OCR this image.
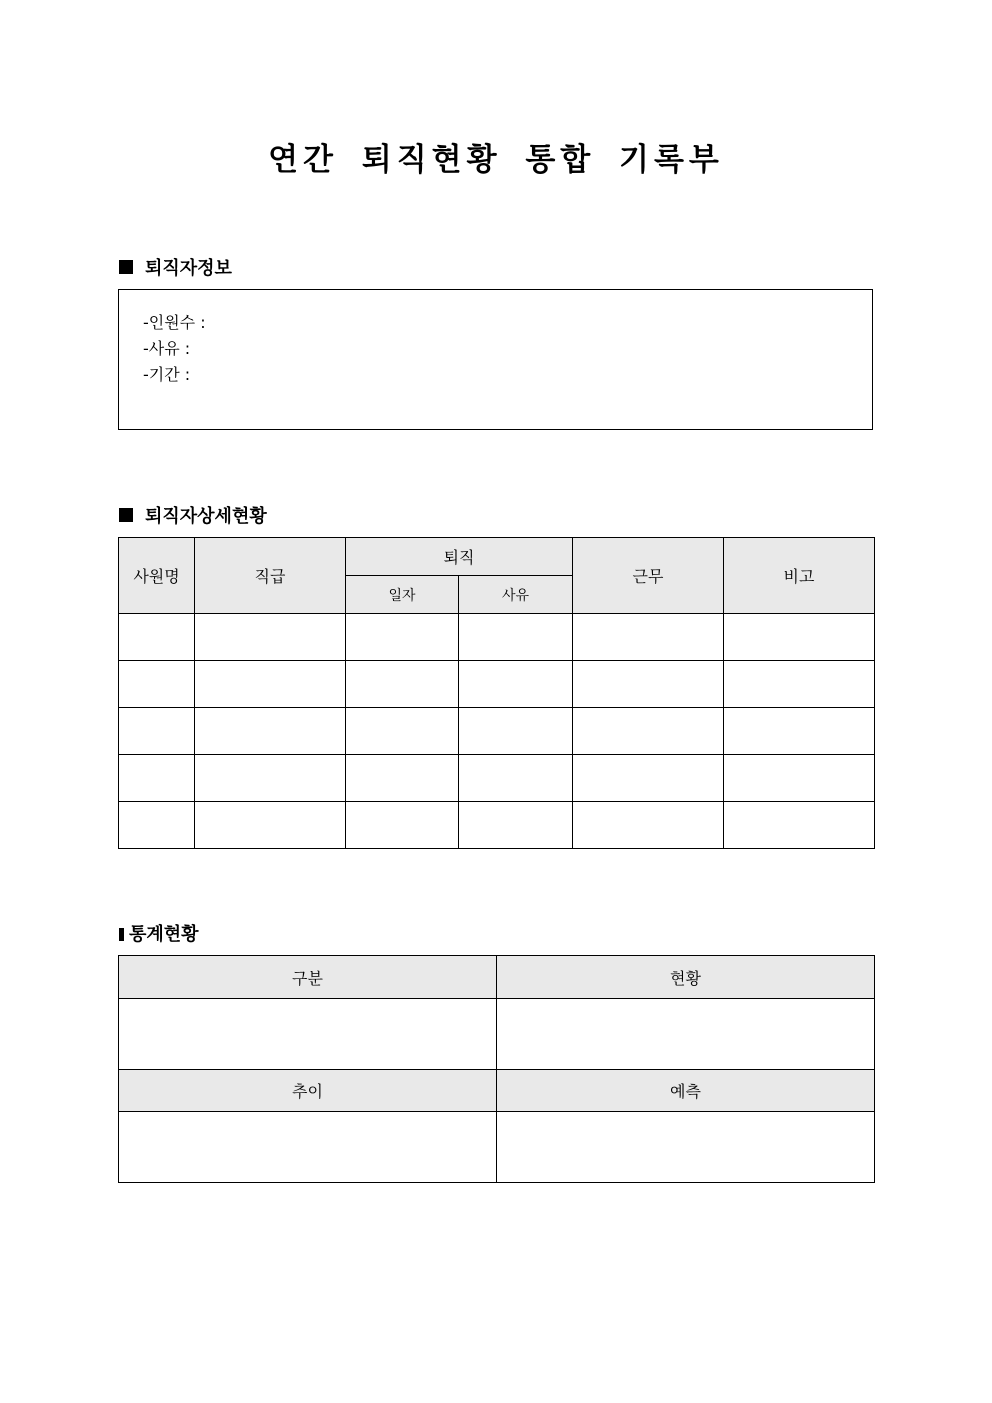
연간 퇴직현황 통합 기록부
퇴직자정보
-인원수 :
-사유 :
-기간 :
퇴직자상세현황
사원명	직급	퇴직		근무	비고
		일자	사유		

통계현황
구분	현황

추이	예측
